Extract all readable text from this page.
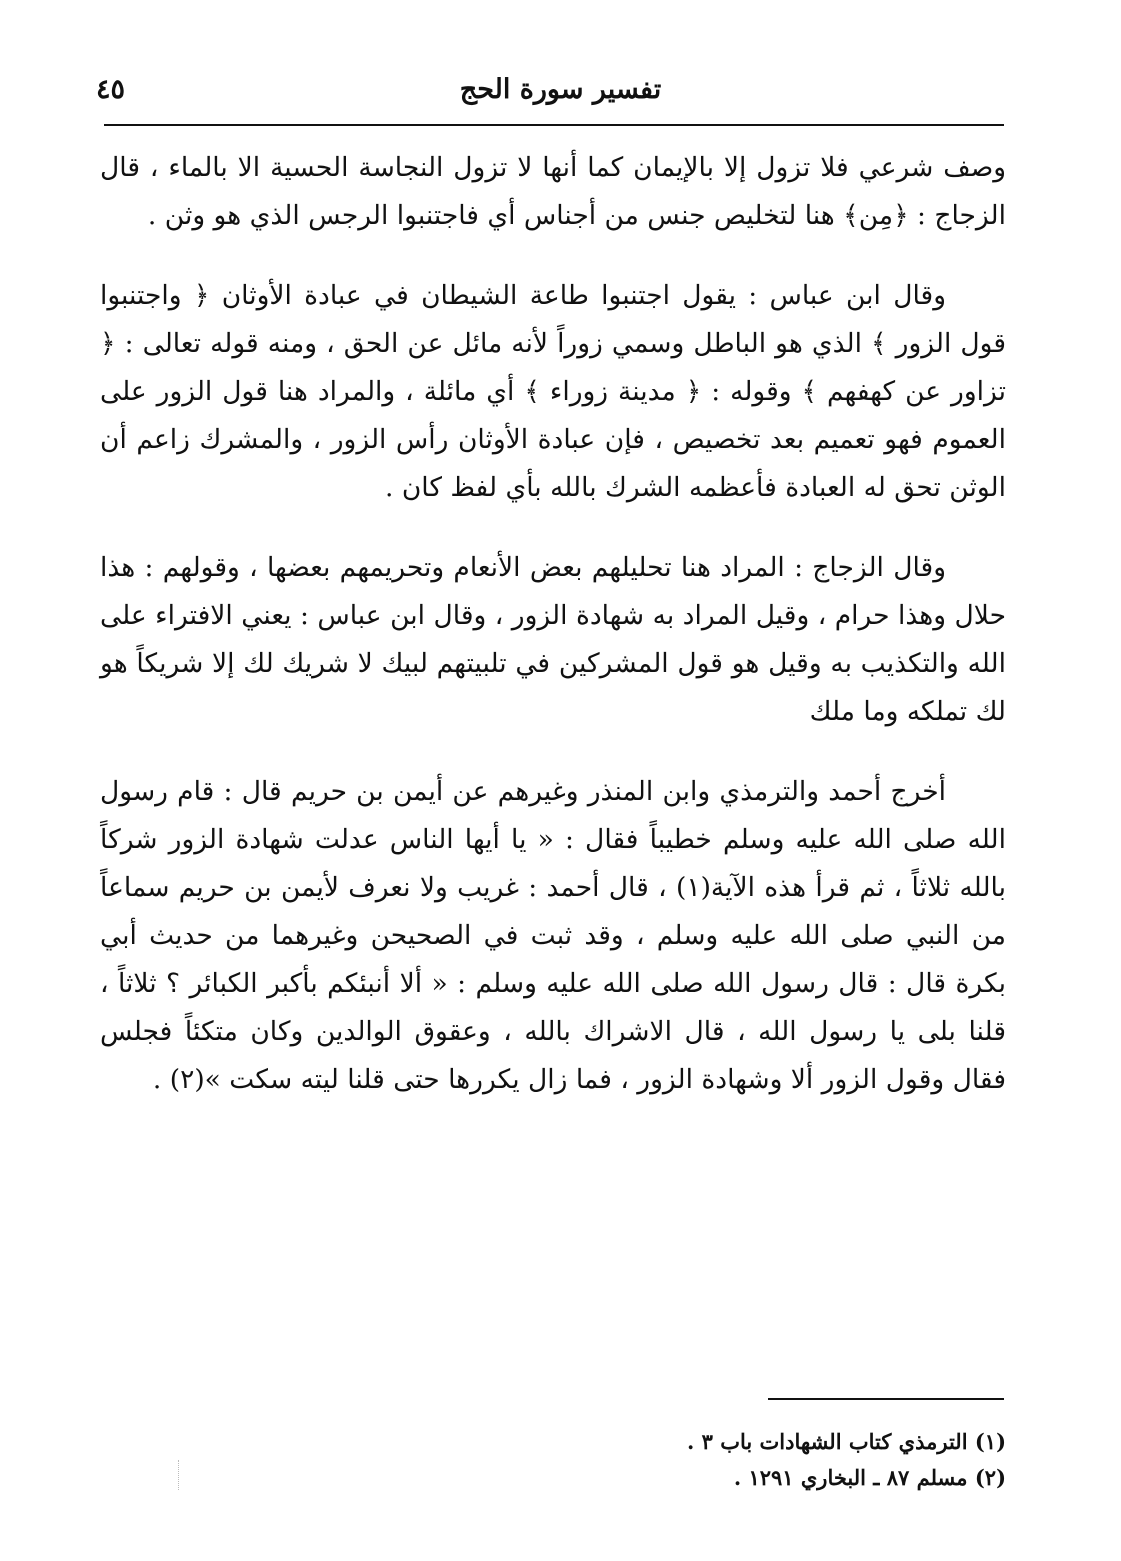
تفسير سورة الحج
٤٥

وصف شرعي فلا تزول إلا بالإيمان كما أنها لا تزول النجاسة الحسية الا بالماء ، قال الزجاج : ﴿مِن﴾ هنا لتخليص جنس من أجناس أي فاجتنبوا الرجس الذي هو وثن .

وقال ابن عباس : يقول اجتنبوا طاعة الشيطان في عبادة الأوثان ﴿ واجتنبوا قول الزور ﴾ الذي هو الباطل وسمي زوراً لأنه مائل عن الحق ، ومنه قوله تعالى : ﴿ تزاور عن كهفهم ﴾ وقوله : ﴿ مدينة زوراء ﴾ أي مائلة ، والمراد هنا قول الزور على العموم فهو تعميم بعد تخصيص ، فإن عبادة الأوثان رأس الزور ، والمشرك زاعم أن الوثن تحق له العبادة فأعظمه الشرك بالله بأي لفظ كان .

وقال الزجاج : المراد هنا تحليلهم بعض الأنعام وتحريمهم بعضها ، وقولهم : هذا حلال وهذا حرام ، وقيل المراد به شهادة الزور ، وقال ابن عباس : يعني الافتراء على الله والتكذيب به وقيل هو قول المشركين في تلبيتهم لبيك لا شريك لك إلا شريكاً هو لك تملكه وما ملك

أخرج أحمد والترمذي وابن المنذر وغيرهم عن أيمن بن حريم قال : قام رسول الله صلى الله عليه وسلم خطيباً فقال : « يا أيها الناس عدلت شهادة الزور شركاً بالله ثلاثاً ، ثم قرأ هذه الآية(١) ، قال أحمد : غريب ولا نعرف لأيمن بن حريم سماعاً من النبي صلى الله عليه وسلم ، وقد ثبت في الصحيحن وغيرهما من حديث أبي بكرة قال : قال رسول الله صلى الله عليه وسلم : « ألا أنبئكم بأكبر الكبائر ؟ ثلاثاً ، قلنا بلى يا رسول الله ، قال الاشراك بالله ، وعقوق الوالدين وكان متكئاً فجلس فقال وقول الزور ألا وشهادة الزور ، فما زال يكررها حتى قلنا ليته سكت »(٢) .

(١) الترمذي كتاب الشهادات باب ٣ .

(٢) مسلم ٨٧ ـ البخاري ١٢٩١ .
